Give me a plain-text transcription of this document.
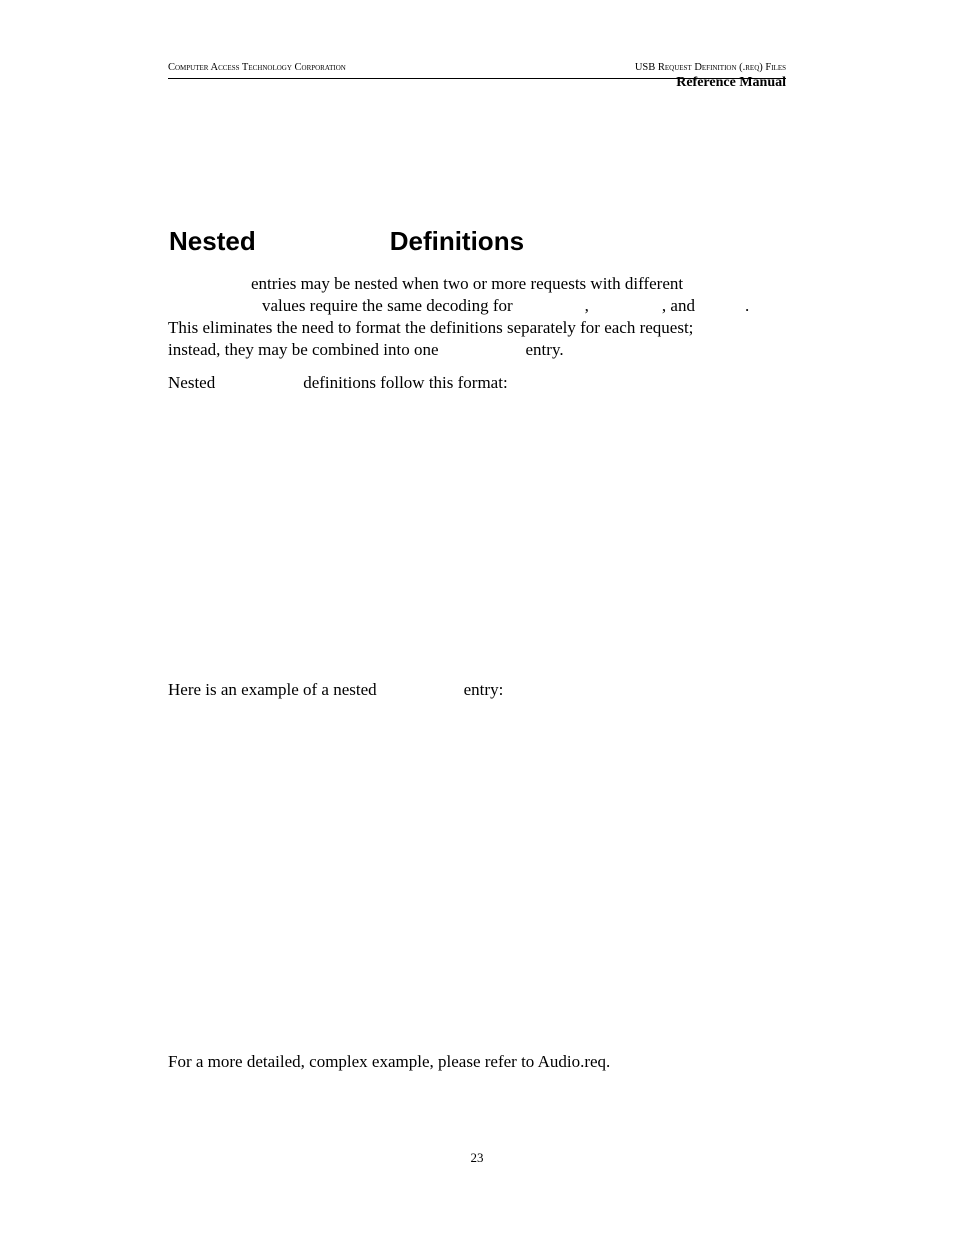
Computer Access Technology Corporation	USB Request Definition (.req) Files
Reference Manual
Nested	Definitions
entries may be nested when two or more requests with different
values require the same decoding for	,	, and	.
This eliminates the need to format the definitions separately for each request;
instead, they may be combined into one	entry.
Nested	definitions follow this format:
Here is an example of a nested	entry:
For a more detailed, complex example, please refer to Audio.req.
23
